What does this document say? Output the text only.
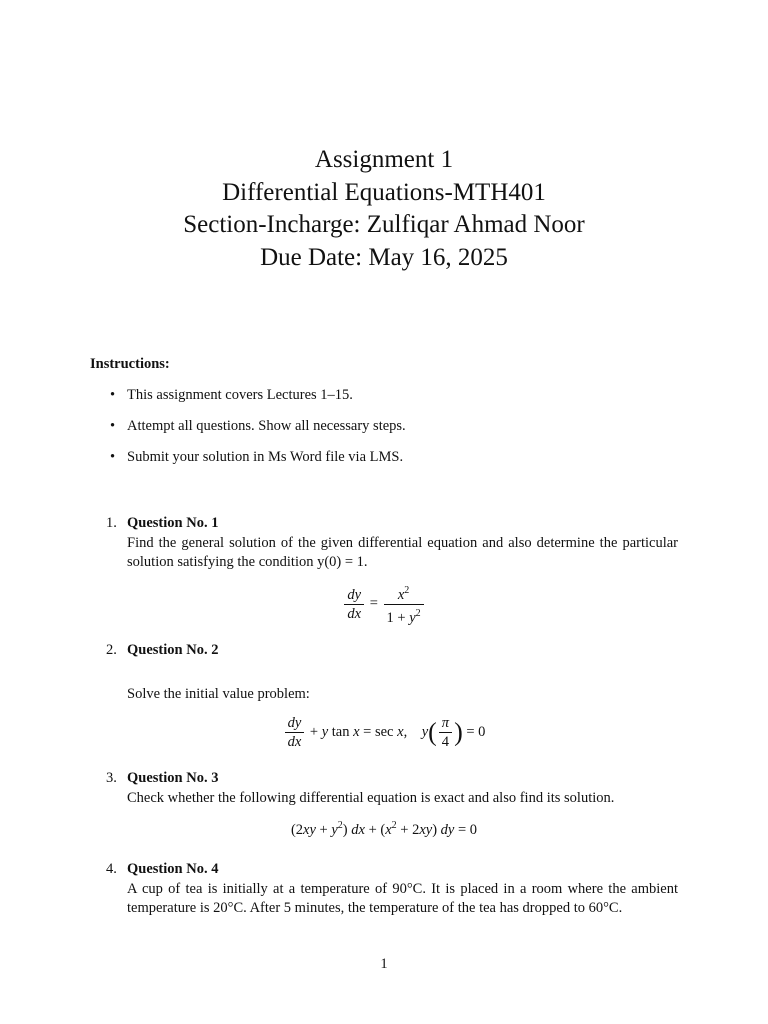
Assignment 1
Differential Equations-MTH401
Section-Incharge: Zulfiqar Ahmad Noor
Due Date: May 16, 2025
Instructions:
• This assignment covers Lectures 1–15.
• Attempt all questions. Show all necessary steps.
• Submit your solution in Ms Word file via LMS.
1. Question No. 1
Find the general solution of the given differential equation and also determine the particular solution satisfying the condition y(0) = 1.
$\frac{dy}{dx} = \frac{x^2}{1 + y^2}$
2. Question No. 2
Solve the initial value problem:
$\frac{dy}{dx} + y$ tan x = sec x,    $y( \frac{\pi}{4}$ ) = 0
3. Question No. 3
Check whether the following differential equation is exact and also find its solution.
$(2xy + y^2)$ dx + $(x^2 + 2xy)$ dy = 0
4. Question No. 4
A cup of tea is initially at a temperature of 90°C. It is placed in a room where the ambient temperature is 20°C. After 5 minutes, the temperature of the tea has dropped to 60°C.
1
